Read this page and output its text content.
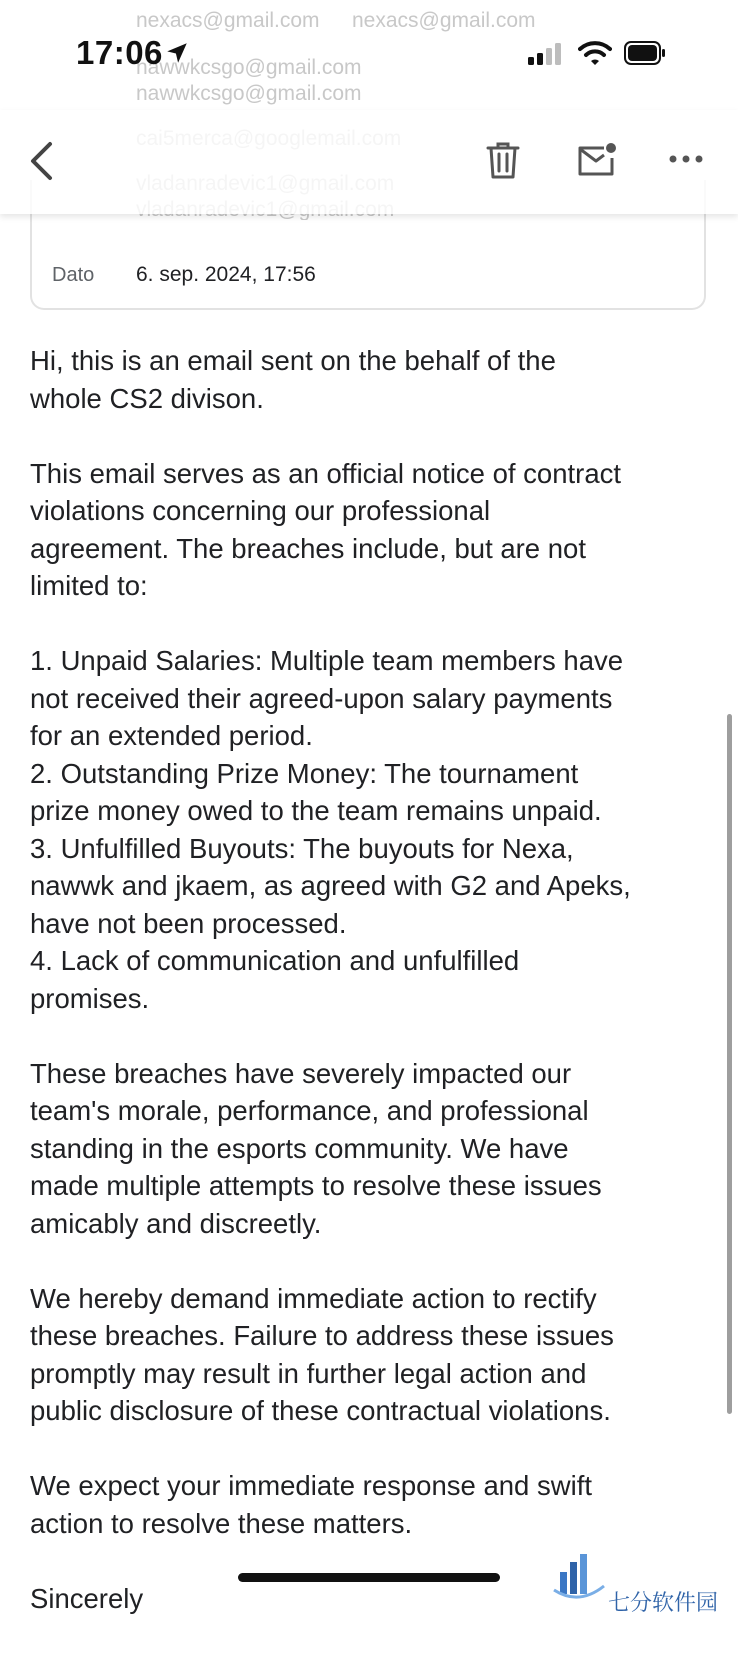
nexacs@gmail.com nexacs@gmail.com
nawwkcsgo@gmail.com
nawwkcsgo@gmail.com
17:06
Dato 6. sep. 2024, 17:56

Hi, this is an email sent on the behalf of the
whole CS2 divison.

This email serves as an official notice of contract
violations concerning our professional
agreement. The breaches include, but are not
limited to:

1. Unpaid Salaries: Multiple team members have
not received their agreed-upon salary payments
for an extended period.
2. Outstanding Prize Money: The tournament
prize money owed to the team remains unpaid.
3. Unfulfilled Buyouts: The buyouts for Nexa,
nawwk and jkaem, as agreed with G2 and Apeks,
have not been processed.
4. Lack of communication and unfulfilled
promises.

These breaches have severely impacted our
team's morale, performance, and professional
standing in the esports community. We have
made multiple attempts to resolve these issues
amicably and discreetly.

We hereby demand immediate action to rectify
these breaches. Failure to address these issues
promptly may result in further legal action and
public disclosure of these contractual violations.

We expect your immediate response and swift
action to resolve these matters.

Sincerely	七分软件园
